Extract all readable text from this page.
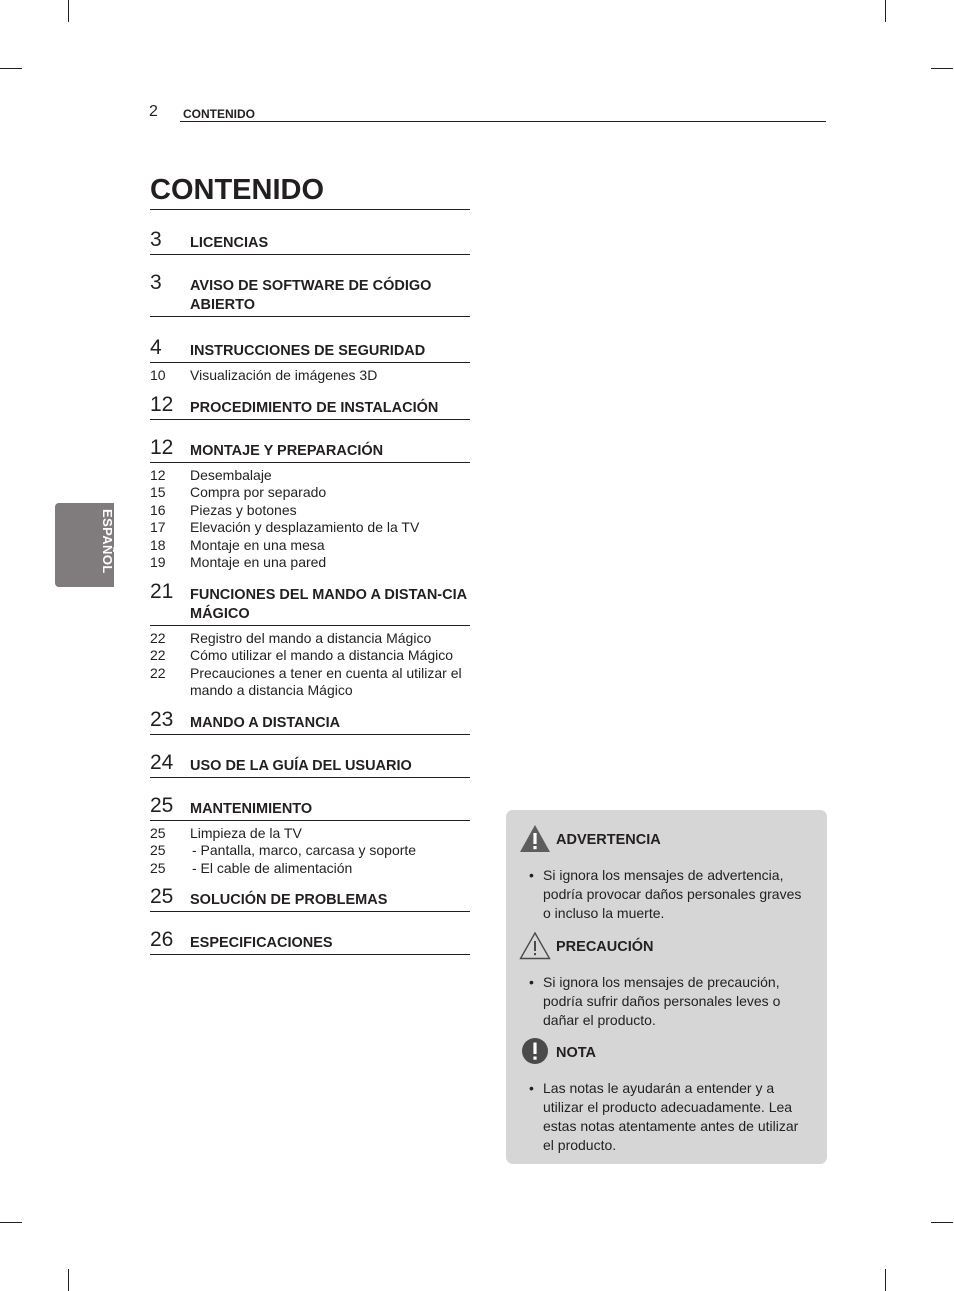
2 CONTENIDO
ESPAÑOL
CONTENIDO
3 LICENCIAS
3 AVISO DE SOFTWARE DE CÓDIGO ABIERTO
4 INSTRUCCIONES DE SEGURIDAD
10 Visualización de imágenes 3D
12 PROCEDIMIENTO DE INSTALACIÓN
12 MONTAJE Y PREPARACIÓN
12 Desembalaje
15 Compra por separado
16 Piezas y botones
17 Elevación y desplazamiento de la TV
18 Montaje en una mesa
19 Montaje en una pared
21 FUNCIONES DEL MANDO A DISTAN-CIA MÁGICO
22 Registro del mando a distancia Mágico
22 Cómo utilizar el mando a distancia Mágico
22 Precauciones a tener en cuenta al utilizar el mando a distancia Mágico
23 MANDO A DISTANCIA
24 USO DE LA GUÍA DEL USUARIO
25 MANTENIMIENTO
25 Limpieza de la TV
25 - Pantalla, marco, carcasa y soporte
25 - El cable de alimentación
25 SOLUCIÓN DE PROBLEMAS
26 ESPECIFICACIONES
ADVERTENCIA
• Si ignora los mensajes de advertencia, podría provocar daños personales graves o incluso la muerte.
PRECAUCIÓN
• Si ignora los mensajes de precaución, podría sufrir daños personales leves o dañar el producto.
NOTA
• Las notas le ayudarán a entender y a utilizar el producto adecuadamente. Lea estas notas atentamente antes de utilizar el producto.
